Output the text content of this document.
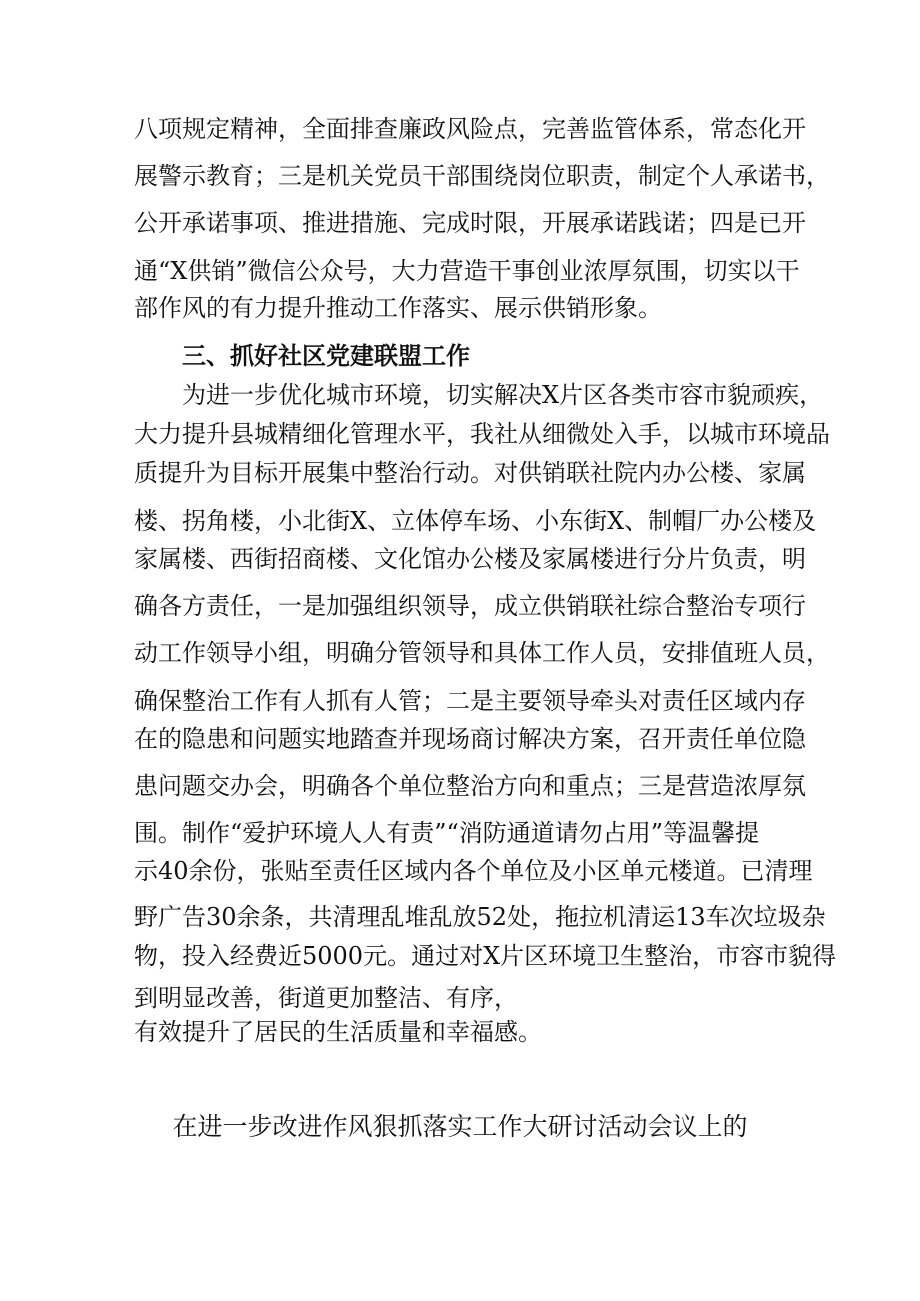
八项规定精神，全面排查廉政风险点，完善监管体系，常态化开
展警示教育；三是机关党员干部围绕岗位职责，制定个人承诺书，
公开承诺事项、推进措施、完成时限，开展承诺践诺；四是已开
通“X供销”微信公众号，大力营造干事创业浓厚氛围，切实以干
部作风的有力提升推动工作落实、展示供销形象。
三、抓好社区党建联盟工作
为进一步优化城市环境，切实解决X片区各类市容市貌顽疾，
大力提升县城精细化管理水平，我社从细微处入手，以城市环境品
质提升为目标开展集中整治行动。对供销联社院内办公楼、家属
楼、拐角楼，小北街X、立体停车场、小东街X、制帽厂办公楼及
家属楼、西街招商楼、文化馆办公楼及家属楼进行分片负责，明
确各方责任，一是加强组织领导，成立供销联社综合整治专项行
动工作领导小组，明确分管领导和具体工作人员，安排值班人员，
确保整治工作有人抓有人管；二是主要领导牵头对责任区域内存
在的隐患和问题实地踏查并现场商讨解决方案，召开责任单位隐
患问题交办会，明确各个单位整治方向和重点；三是营造浓厚氛
围。制作“爱护环境人人有责”“消防通道请勿占用”等温馨提
示40余份，张贴至责任区域内各个单位及小区单元楼道。已清理
野广告30余条，共清理乱堆乱放52处，拖拉机清运13车次垃圾杂
物，投入经费近5000元。通过对X片区环境卫生整治，市容市貌得
到明显改善，街道更加整洁、有序，
有效提升了居民的生活质量和幸福感。
在进一步改进作风狠抓落实工作大研讨活动会议上的
